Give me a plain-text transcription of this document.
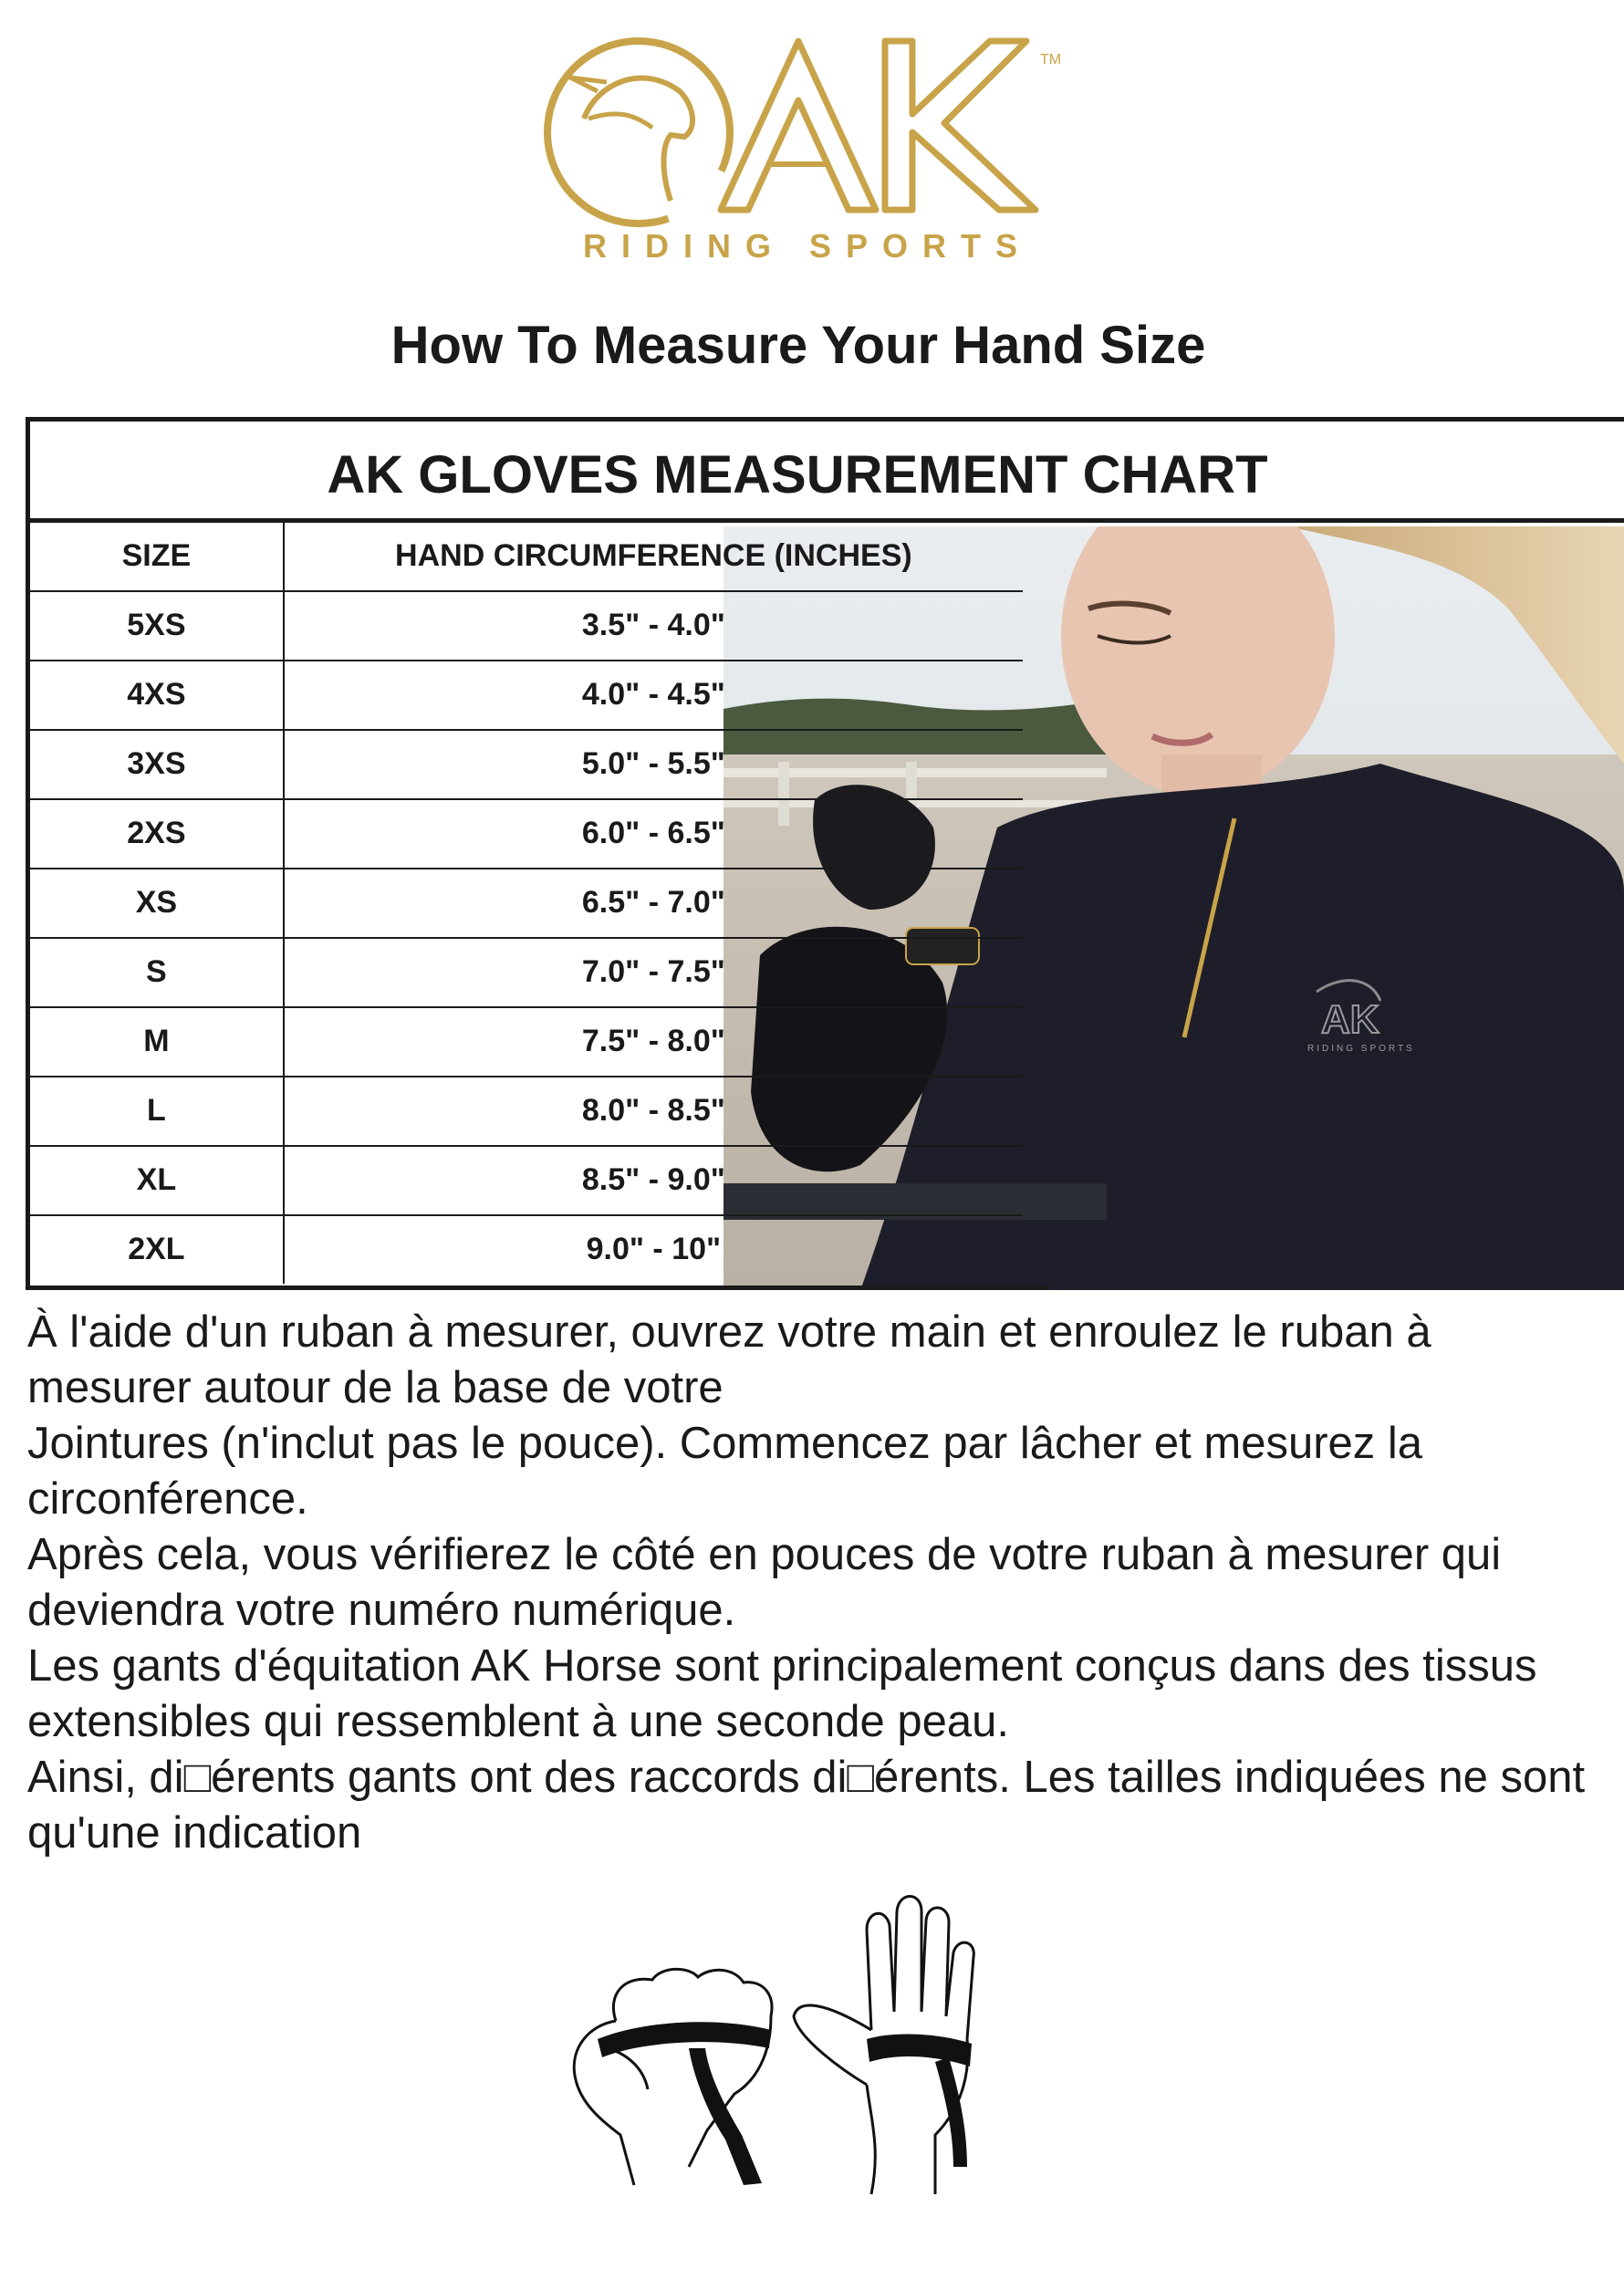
TM
RIDING SPORTS
How To Measure Your Hand Size
AK GLOVES MEASUREMENT CHART
AK
RIDING SPORTS
SIZE	HAND CIRCUMFERENCE (INCHES)
5XS	3.5" - 4.0"
4XS	4.0" - 4.5"
3XS	5.0" - 5.5"
2XS	6.0" - 6.5"
XS	6.5" - 7.0"
S	7.0" - 7.5"
M	7.5" - 8.0"
L	8.0" - 8.5"
XL	8.5" - 9.0"
2XL	9.0" - 10"

À l'aide d'un ruban à mesurer, ouvrez votre main et enroulez le ruban à mesurer autour de la base de votre

Jointures (n'inclut pas le pouce). Commencez par lâcher et mesurez la circonférence.

Après cela, vous vérifierez le côté en pouces de votre ruban à mesurer qui deviendra votre numéro numérique.

Les gants d'équitation AK Horse sont principalement conçus dans des tissus extensibles qui ressemblent à une seconde peau.

Ainsi, di□érents gants ont des raccords di□érents. Les tailles indiquées ne sont qu'une indication
